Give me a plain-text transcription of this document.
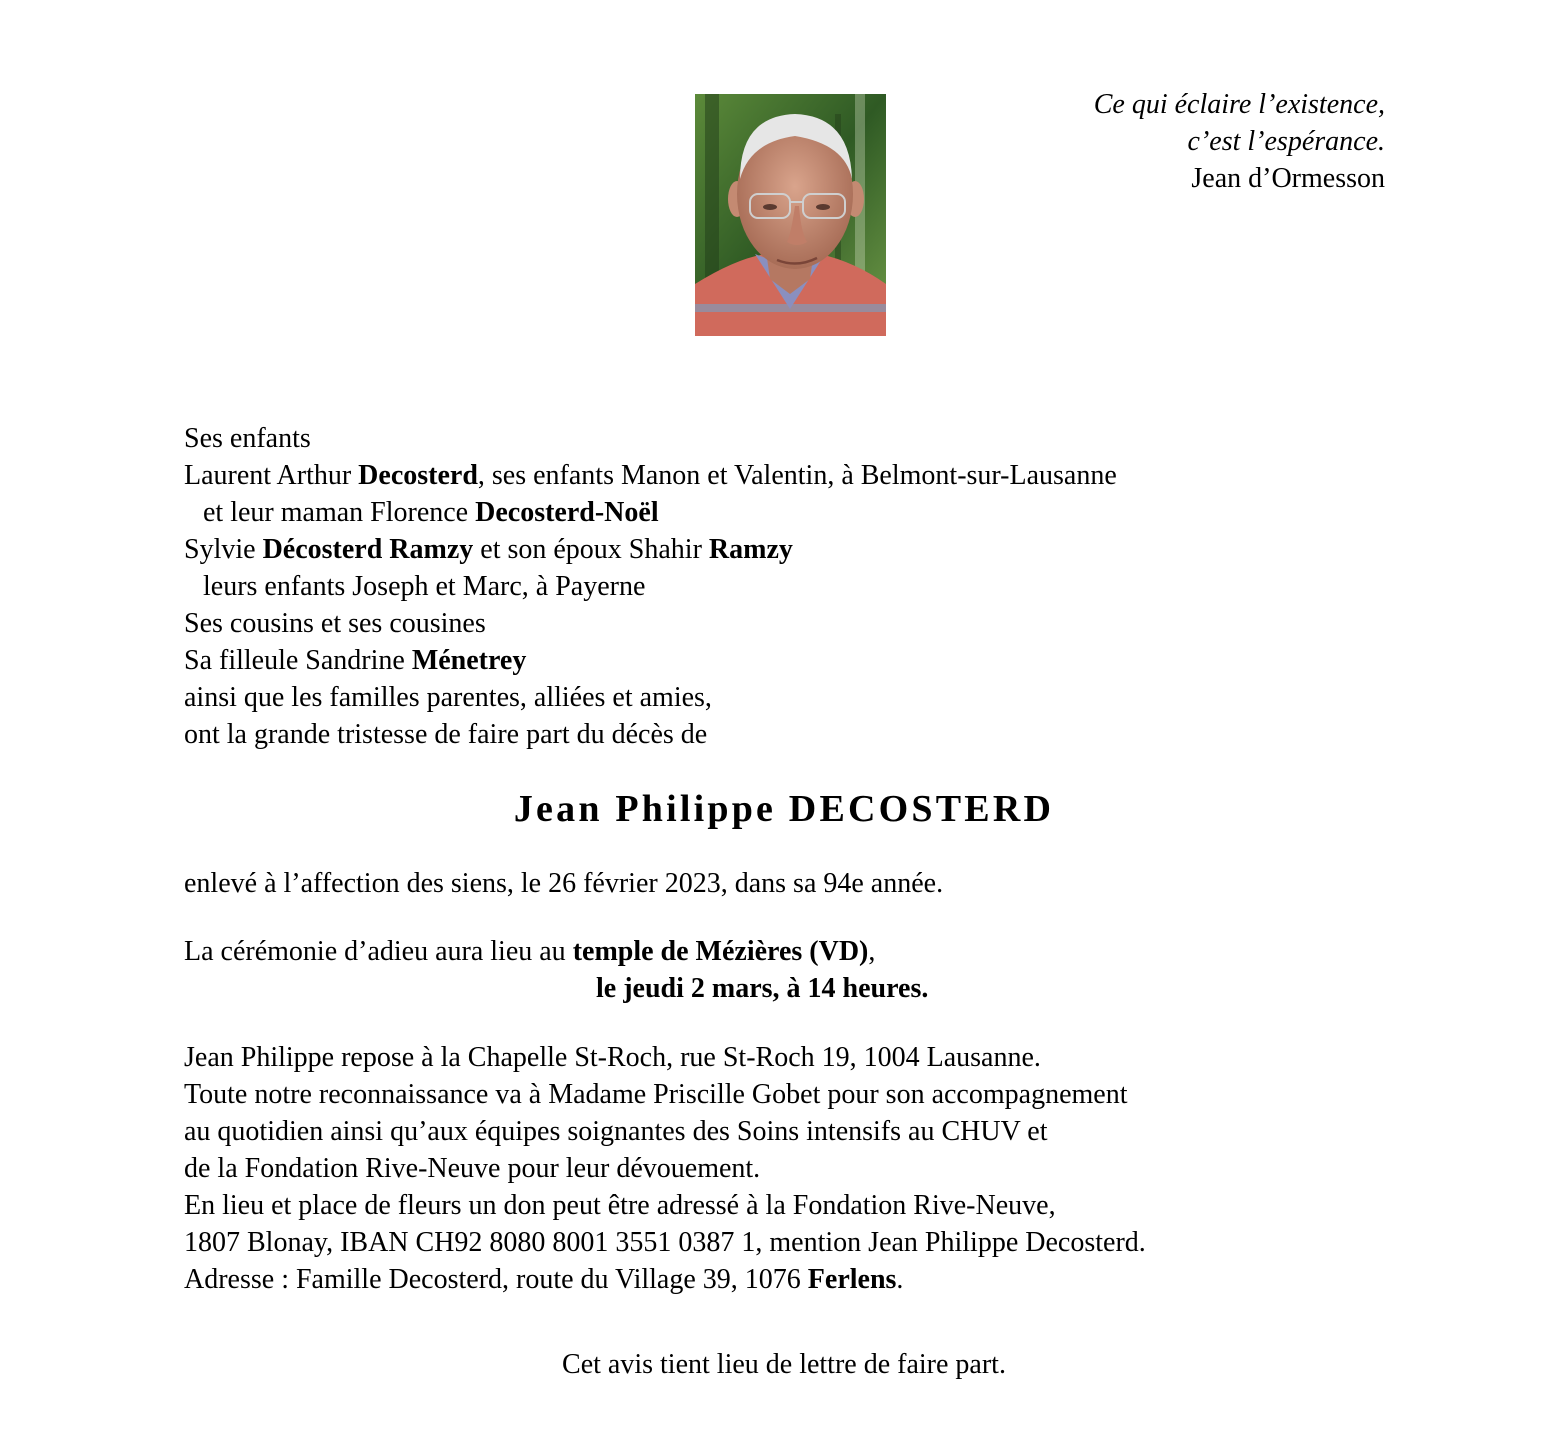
Ce qui éclaire l’existence,
c’est l’espérance.
Jean d’Ormesson
Ses enfants
Laurent Arthur Decosterd, ses enfants Manon et Valentin, à Belmont-sur-Lausanne
et leur maman Florence Decosterd-Noël
Sylvie Décosterd Ramzy et son époux Shahir Ramzy
leurs enfants Joseph et Marc, à Payerne
Ses cousins et ses cousines
Sa filleule Sandrine Ménetrey
ainsi que les familles parentes, alliées et amies,
ont la grande tristesse de faire part du décès de
Jean Philippe DECOSTERD
enlevé à l’affection des siens, le 26 février 2023, dans sa 94e année.
La cérémonie d’adieu aura lieu au temple de Mézières (VD),
le jeudi 2 mars, à 14 heures.
Jean Philippe repose à la Chapelle St-Roch, rue St-Roch 19, 1004 Lausanne.
Toute notre reconnaissance va à Madame Priscille Gobet pour son accompagnement
au quotidien ainsi qu’aux équipes soignantes des Soins intensifs au CHUV et
de la Fondation Rive-Neuve pour leur dévouement.
En lieu et place de fleurs un don peut être adressé à la Fondation Rive-Neuve,
1807 Blonay, IBAN CH92 8080 8001 3551 0387 1, mention Jean Philippe Decosterd.
Adresse : Famille Decosterd, route du Village 39, 1076 Ferlens.
Cet avis tient lieu de lettre de faire part.
